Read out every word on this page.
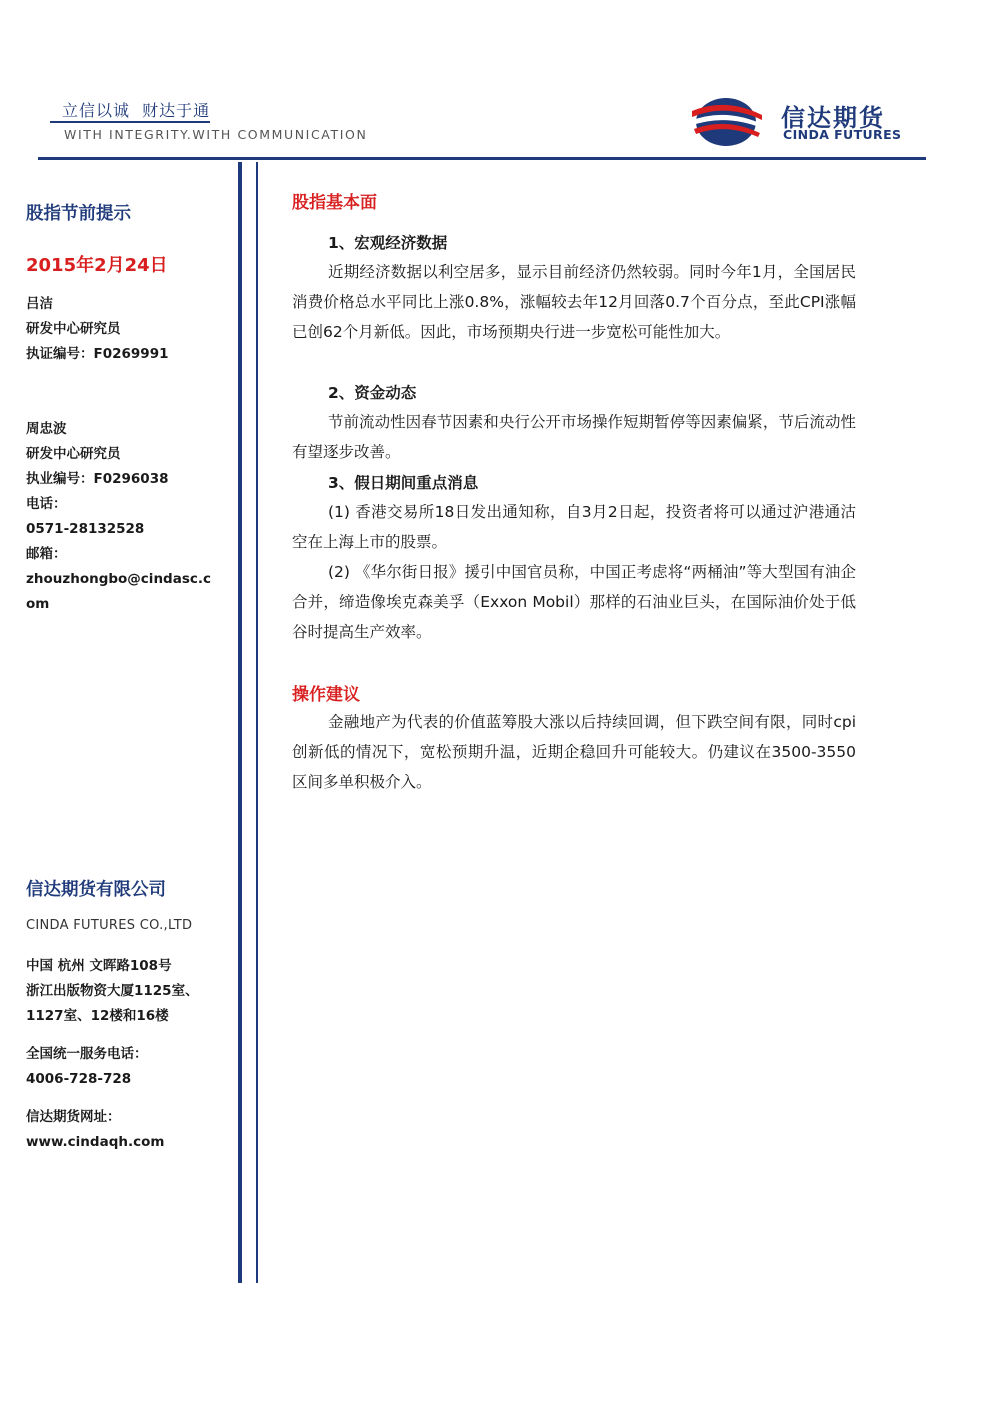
立信以诚  财达于通
WITH INTEGRITY.WITH COMMUNICATION
信达期货
CINDA FUTURES
股指节前提示
2015年2月24日
吕洁
研发中心研究员
执证编号：F0269991
周忠波
研发中心研究员
执业编号：F0296038
电话：
0571-28132528
邮箱：
zhouzhongbo@cindasc.c
om
信达期货有限公司
CINDA FUTURES CO.,LTD
中国 杭州 文晖路108号
浙江出版物资大厦1125室、
1127室、12楼和16楼
全国统一服务电话：
4006-728-728
信达期货网址：
www.cindaqh.com
股指基本面
1、宏观经济数据
近期经济数据以利空居多，显示目前经济仍然较弱。同时今年1月，全国居民消费价格总水平同比上涨0.8%，涨幅较去年12月回落0.7个百分点，至此CPI涨幅已创62个月新低。因此，市场预期央行进一步宽松可能性加大。
2、资金动态
节前流动性因春节因素和央行公开市场操作短期暂停等因素偏紧，节后流动性有望逐步改善。
3、假日期间重点消息
(1) 香港交易所18日发出通知称，自3月2日起，投资者将可以通过沪港通沽空在上海上市的股票。
(2) 《华尔街日报》援引中国官员称，中国正考虑将“两桶油”等大型国有油企合并，缔造像埃克森美孚（Exxon Mobil）那样的石油业巨头，在国际油价处于低谷时提高生产效率。
操作建议
金融地产为代表的价值蓝筹股大涨以后持续回调，但下跌空间有限，同时cpi创新低的情况下，宽松预期升温，近期企稳回升可能较大。仍建议在3500-3550区间多单积极介入。
